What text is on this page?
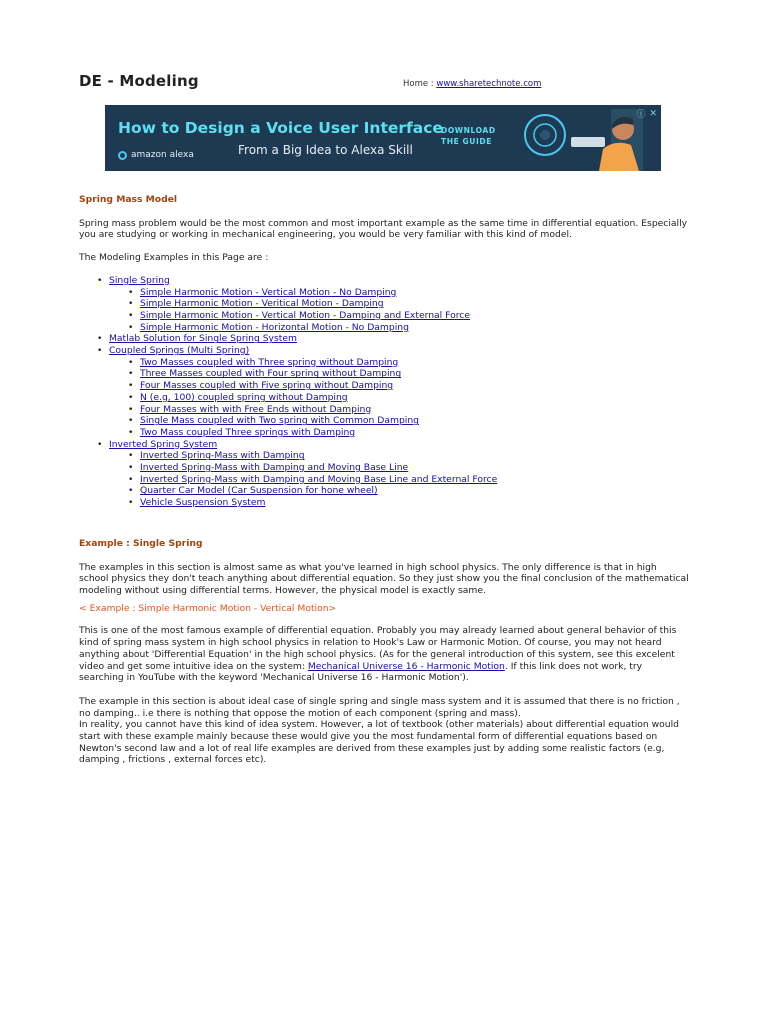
DE - Modeling	Home : www.sharetechnote.com
How to Design a Voice User Interface
amazon alexa	From a Big Idea to Alexa Skill
DOWNLOAD
THE GUIDE
ⓘ ✕
Spring Mass Model

Spring mass problem would be the most common and most important example as the same time in differential equation. Especially you are studying or working in mechanical engineering, you would be very familiar with this kind of model.

The Modeling Examples in this Page are :

• Single Spring
• Simple Harmonic Motion - Vertical Motion - No Damping
• Simple Harmonic Motion - Veritical Motion - Damping
• Simple Harmonic Motion - Vertical Motion - Damping and External Force
• Simple Harmonic Motion - Horizontal Motion - No Damping
• Matlab Solution for Single Spring System
• Coupled Springs (Multi Spring)
• Two Masses coupled with Three spring without Damping
• Three Masses coupled with Four spring without Damping
• Four Masses coupled with Five spring without Damping
• N (e.g, 100) coupled spring without Damping
• Four Masses with with Free Ends without Damping
• Single Mass coupled with Two spring with Common Damping
• Two Mass coupled Three springs with Damping
• Inverted Spring System
• Inverted Spring-Mass with Damping
• Inverted Spring-Mass with Damping and Moving Base Line
• Inverted Spring-Mass with Damping and Moving Base Line and External Force
• Quarter Car Model (Car Suspension for hone wheel)
• Vehicle Suspension System
Example : Single Spring

The examples in this section is almost same as what you've learned in high school physics. The only difference is that in high school physics they don't teach anything about differential equation. So they just show you the final conclusion of the mathematical modeling without using differential terms. However, the physical model is exactly same.

< Example : Simple Harmonic Motion - Vertical Motion>

This is one of the most famous example of differential equation. Probably you may already learned about general behavior of this kind of spring mass system in high school physics in relation to Hook's Law or Harmonic Motion. Of course, you may not heard anything about 'Differential Equation' in the high school physics. (As for the general introduction of this system, see this excelent video and get some intuitive idea on the system: Mechanical Universe 16 - Harmonic Motion. If this link does not work, try searching in YouTube with the keyword 'Mechanical Universe 16 - Harmonic Motion').

The example in this section is about ideal case of single spring and single mass system and it is assumed that there is no friction , no damping.. i.e there is nothing that oppose the motion of each component (spring and mass).

In reality, you cannot have this kind of idea system. However, a lot of textbook (other materials) about differential equation would start with these example mainly because these would give you the most fundamental form of differential equations based on Newton's second law and a lot of real life examples are derived from these examples just by adding some realistic factors (e.g, damping , frictions , external forces etc).
